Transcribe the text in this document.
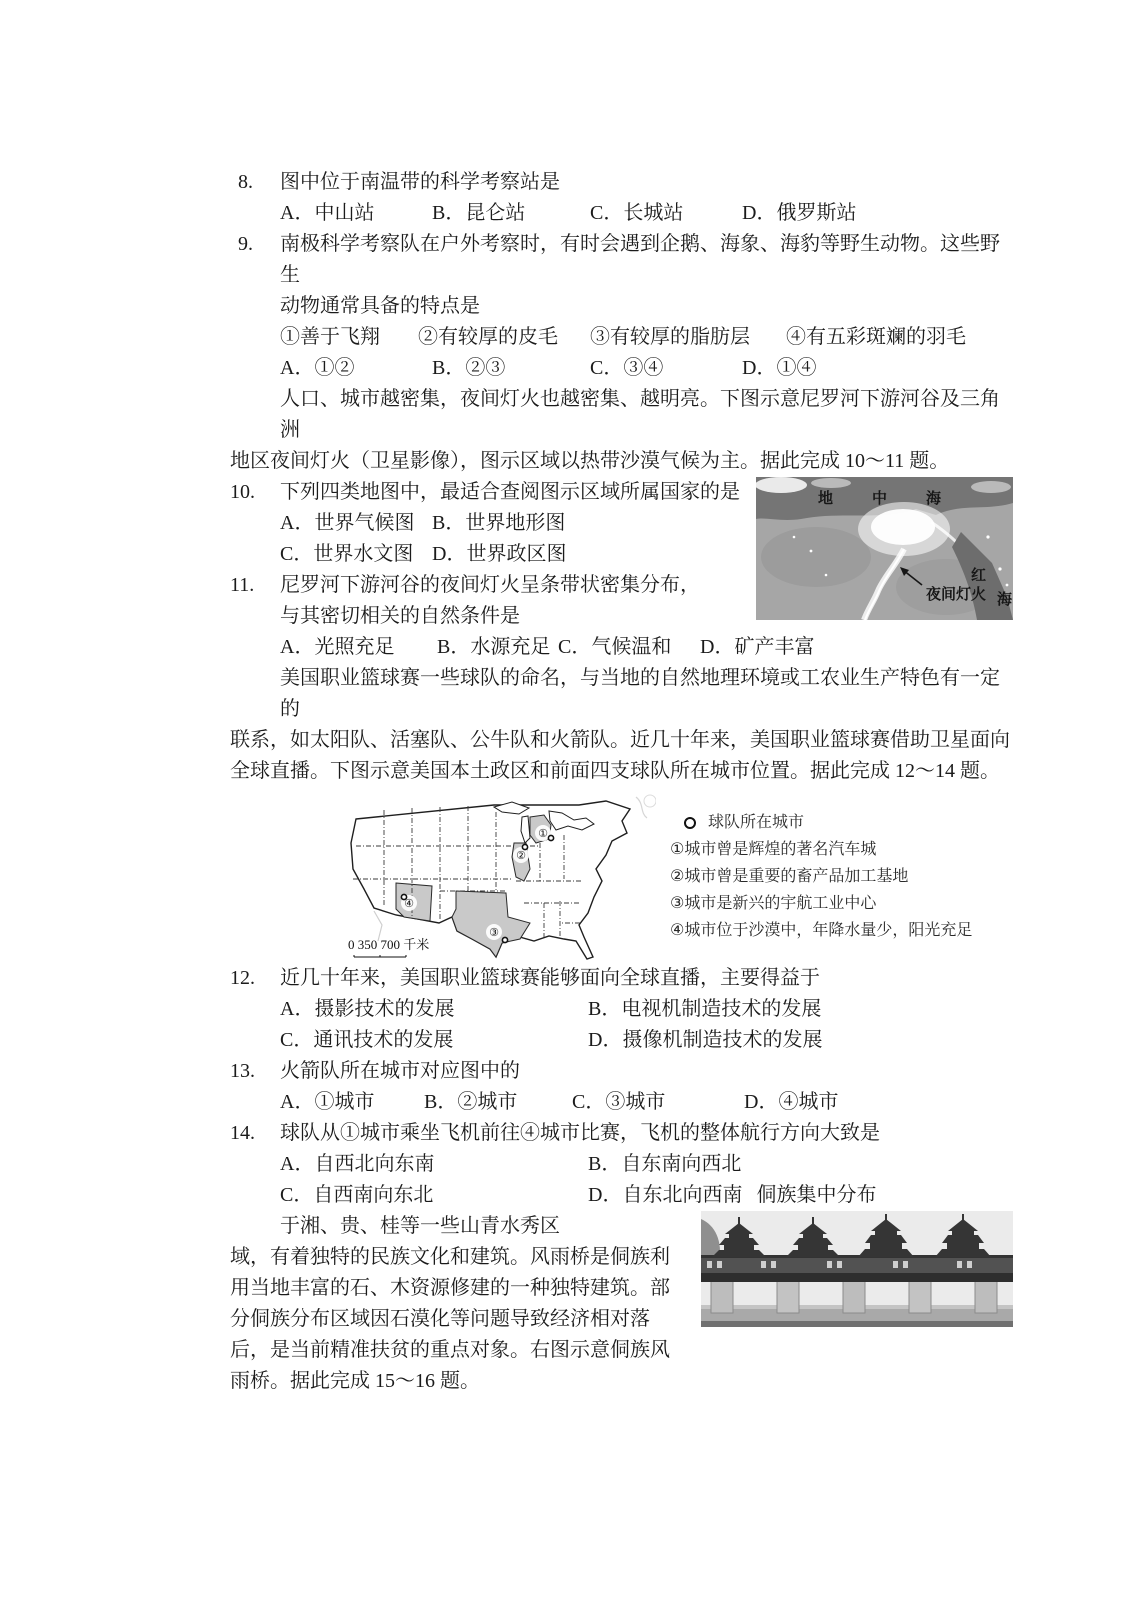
8.	图中位于南温带的科学考察站是
A．中山站	B．昆仑站	C．长城站	D．俄罗斯站
9.	南极科学考察队在户外考察时，有时会遇到企鹅、海象、海豹等野生动物。这些野生
动物通常具备的特点是
①善于飞翔	②有较厚的皮毛	③有较厚的脂肪层	④有五彩斑斓的羽毛
A．①②	B．②③	C．③④	D．①④
人口、城市越密集，夜间灯火也越密集、越明亮。下图示意尼罗河下游河谷及三角洲
地区夜间灯火（卫星影像），图示区域以热带沙漠气候为主。据此完成 10～11 题。
地　中　海
红
海
夜间灯火
10.	下列四类地图中，最适合查阅图示区域所属国家的是
A．世界气候图 B．世界地形图
C．世界水文图 D．世界政区图
11.	尼罗河下游河谷的夜间灯火呈条带状密集分布，
与其密切相关的自然条件是
A．光照充足	B．水源充足 C．气候温和	D．矿产丰富
美国职业篮球赛一些球队的命名，与当地的自然地理环境或工农业生产特色有一定的
联系，如太阳队、活塞队、公牛队和火箭队。近几十年来，美国职业篮球赛借助卫星面向
全球直播。下图示意美国本土政区和前面四支球队所在城市位置。据此完成 12～14 题。
①
②
③
④
0 350 700 千米
球队所在城市
①城市曾是辉煌的著名汽车城
②城市曾是重要的畜产品加工基地
③城市是新兴的宇航工业中心
④城市位于沙漠中，年降水量少，阳光充足
12.	近几十年来，美国职业篮球赛能够面向全球直播，主要得益于
A．摄影技术的发展	B．电视机制造技术的发展
C．通讯技术的发展	D．摄像机制造技术的发展
13.	火箭队所在城市对应图中的
A．①城市	B．②城市	C．③城市	D．④城市
14.	球队从①城市乘坐飞机前往④城市比赛，飞机的整体航行方向大致是
A．自西北向东南	B．自东南向西北
C．自西南向东北	D．自东北向西南 侗族集中分布
于湘、贵、桂等一些山青水秀区
域，有着独特的民族文化和建筑。风雨桥是侗族利
用当地丰富的石、木资源修建的一种独特建筑。部
分侗族分布区域因石漠化等问题导致经济相对落
后，是当前精准扶贫的重点对象。右图示意侗族风
雨桥。据此完成 15～16 题。
